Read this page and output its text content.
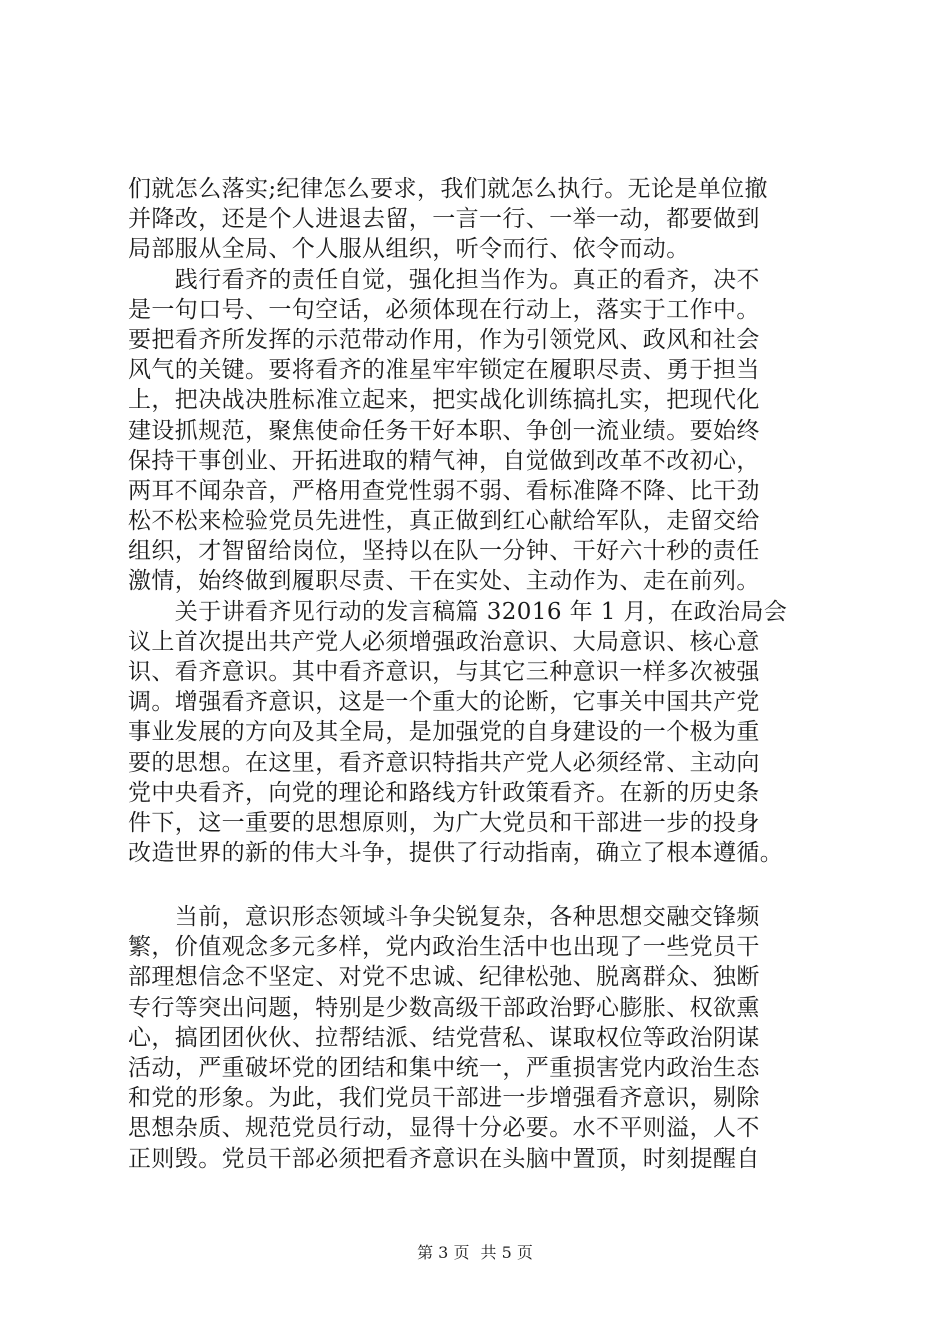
们就怎么落实;纪律怎么要求，我们就怎么执行。无论是单位撤
并降改，还是个人进退去留，一言一行、一举一动，都要做到
局部服从全局、个人服从组织，听令而行、依令而动。
　　践行看齐的责任自觉，强化担当作为。真正的看齐，决不
是一句口号、一句空话，必须体现在行动上，落实于工作中。
要把看齐所发挥的示范带动作用，作为引领党风、政风和社会
风气的关键。要将看齐的准星牢牢锁定在履职尽责、勇于担当
上，把决战决胜标准立起来，把实战化训练搞扎实，把现代化
建设抓规范，聚焦使命任务干好本职、争创一流业绩。要始终
保持干事创业、开拓进取的精气神，自觉做到改革不改初心，
两耳不闻杂音，严格用查党性弱不弱、看标准降不降、比干劲
松不松来检验党员先进性，真正做到红心献给军队，走留交给
组织，才智留给岗位，坚持以在队一分钟、干好六十秒的责任
激情，始终做到履职尽责、干在实处、主动作为、走在前列。
　　关于讲看齐见行动的发言稿篇 32016 年 1 月，在政治局会
议上首次提出共产党人必须增强政治意识、大局意识、核心意
识、看齐意识。其中看齐意识，与其它三种意识一样多次被强
调。增强看齐意识，这是一个重大的论断，它事关中国共产党
事业发展的方向及其全局，是加强党的自身建设的一个极为重
要的思想。在这里，看齐意识特指共产党人必须经常、主动向
党中央看齐，向党的理论和路线方针政策看齐。在新的历史条
件下，这一重要的思想原则，为广大党员和干部进一步的投身
改造世界的新的伟大斗争，提供了行动指南，确立了根本遵循。
　　当前，意识形态领域斗争尖锐复杂，各种思想交融交锋频
繁，价值观念多元多样，党内政治生活中也出现了一些党员干
部理想信念不坚定、对党不忠诚、纪律松弛、脱离群众、独断
专行等突出问题，特别是少数高级干部政治野心膨胀、权欲熏
心，搞团团伙伙、拉帮结派、结党营私、谋取权位等政治阴谋
活动，严重破坏党的团结和集中统一，严重损害党内政治生态
和党的形象。为此，我们党员干部进一步增强看齐意识，剔除
思想杂质、规范党员行动，显得十分必要。水不平则溢，人不
正则毁。党员干部必须把看齐意识在头脑中置顶，时刻提醒自
第 3 页 共 5 页
